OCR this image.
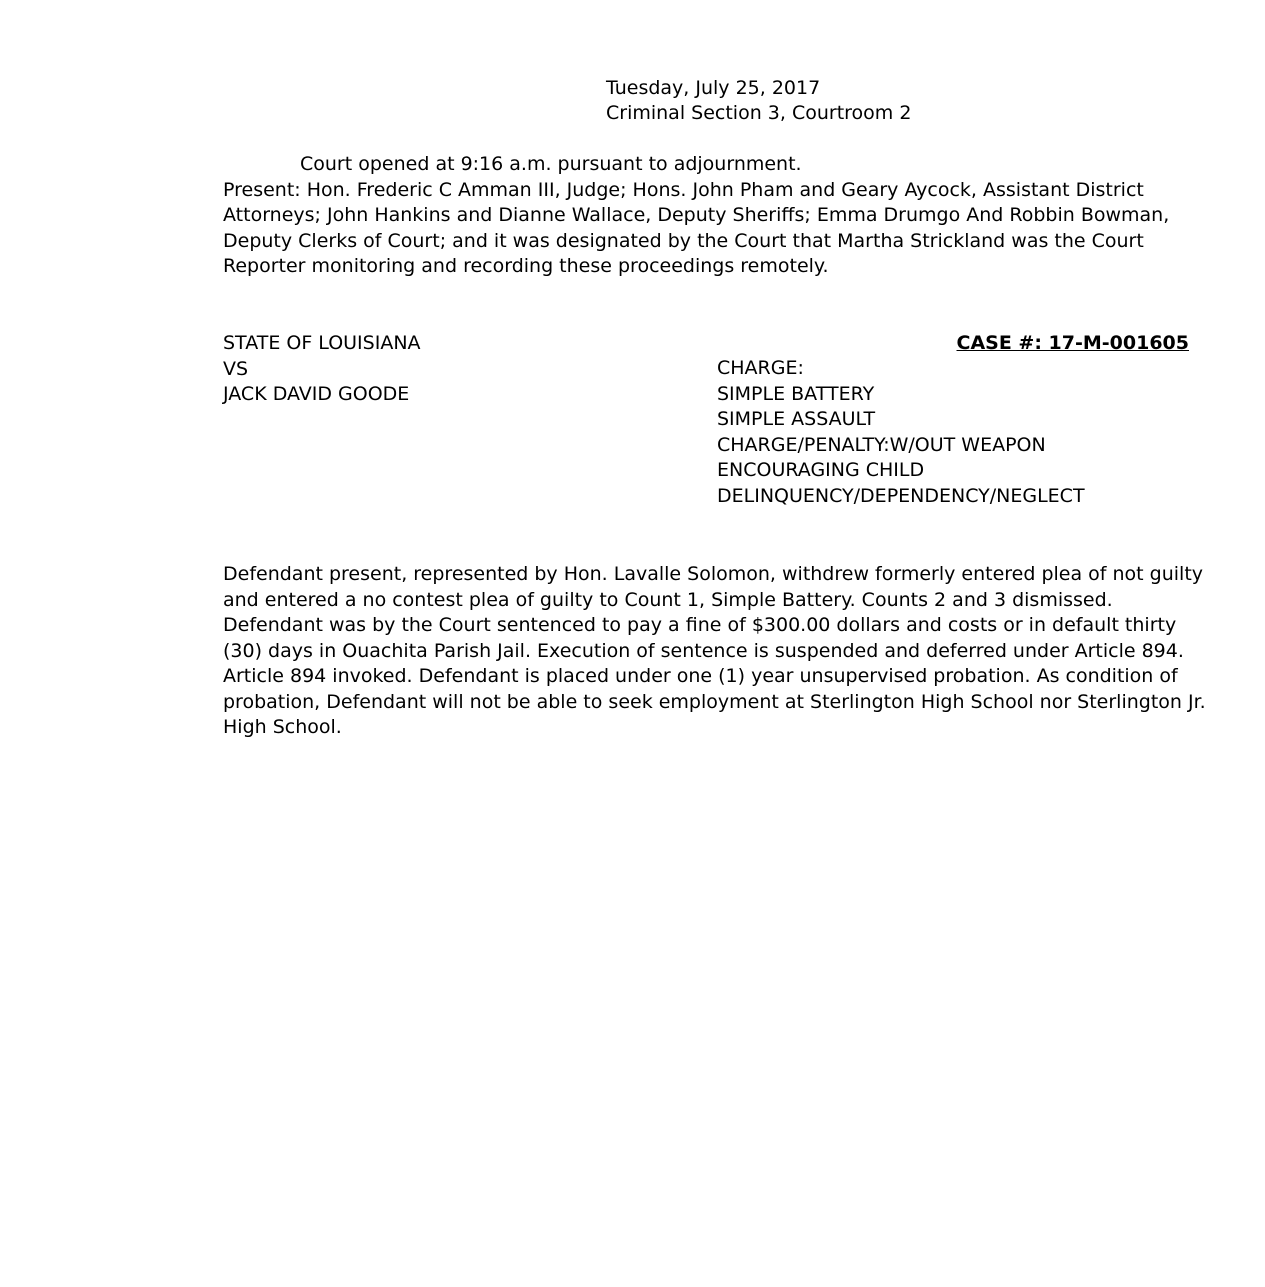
Tuesday, July 25, 2017
Criminal Section 3, Courtroom 2
Court opened at 9:16 a.m. pursuant to adjournment.
Present: Hon. Frederic C Amman III, Judge; Hons. John Pham and Geary Aycock, Assistant District Attorneys; John Hankins and Dianne Wallace, Deputy Sheriffs; Emma Drumgo And Robbin Bowman, Deputy Clerks of Court; and it was designated by the Court that Martha Strickland was the Court Reporter monitoring and recording these proceedings remotely.
STATE OF LOUISIANA
VS
JACK DAVID GOODE
CASE #: 17-M-001605
CHARGE:
SIMPLE BATTERY
SIMPLE ASSAULT
CHARGE/PENALTY:W/OUT WEAPON
ENCOURAGING CHILD
DELINQUENCY/DEPENDENCY/NEGLECT
Defendant present, represented by Hon. Lavalle Solomon, withdrew formerly entered plea of not guilty and entered a no contest plea of guilty to Count 1, Simple Battery. Counts 2 and 3 dismissed. Defendant was by the Court sentenced to pay a fine of $300.00 dollars and costs or in default thirty (30) days in Ouachita Parish Jail. Execution of sentence is suspended and deferred under Article 894. Article 894 invoked. Defendant is placed under one (1) year unsupervised probation. As condition of probation, Defendant will not be able to seek employment at Sterlington High School nor Sterlington Jr. High School.
